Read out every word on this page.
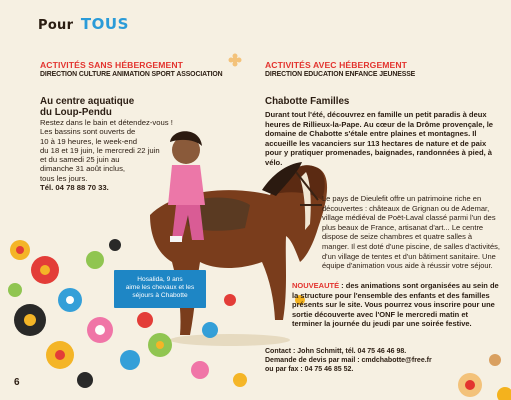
Pour TOUS
ACTIVITÉS SANS HÉBERGEMENT
DIRECTION CULTURE ANIMATION SPORT ASSOCIATION
Au centre aquatique
du Loup-Pendu
Restez dans le bain et détendez-vous !
Les bassins sont ouverts de
10 à 19 heures, le week-end
du 18 et 19 juin, le mercredi 22 juin
et du samedi 25 juin au
dimanche 31 août inclus,
tous les jours.
Tél. 04 78 88 70 33.
Hosalida, 9 ans
aime les chevaux et les
séjours à Chabotte
ACTIVITÉS AVEC HÉBERGEMENT
DIRECTION EDUCATION ENFANCE JEUNESSE
Chabotte Familles
Durant tout l'été, découvrez en famille un petit paradis à deux heures de Rillieux-la-Pape. Au cœur de la Drôme provençale, le domaine de Chabotte s'étale entre plaines et montagnes. Il accueille les vacanciers sur 113 hectares de nature et de paix pour y pratiquer promenades, baignades, randonnées à pied, à vélo.
Le pays de Dieulefit offre un patrimoine riche en découvertes : châteaux de Grignan ou de Ademar, village médiéval de Poët-Laval classé parmi l'un des plus beaux de France, artisanat d'art... Le centre dispose de seize chambres et quatre salles à manger. Il est doté d'une piscine, de salles d'activités, d'un village de tentes et d'un bâtiment sanitaire. Une équipe d'animation vous aide à réussir votre séjour.
NOUVEAUTÉ : des animations sont organisées au sein de la structure pour l'ensemble des enfants et des familles présents sur le site. Vous pourrez vous inscrire pour une sortie découverte avec l'ONF le mercredi matin et terminer la journée du jeudi par une soirée festive.
Contact : John Schmitt, tél. 04 75 46 46 98.
Demande de devis par mail : cmdchabotte@free.fr
ou par fax : 04 75 46 85 52.
6
